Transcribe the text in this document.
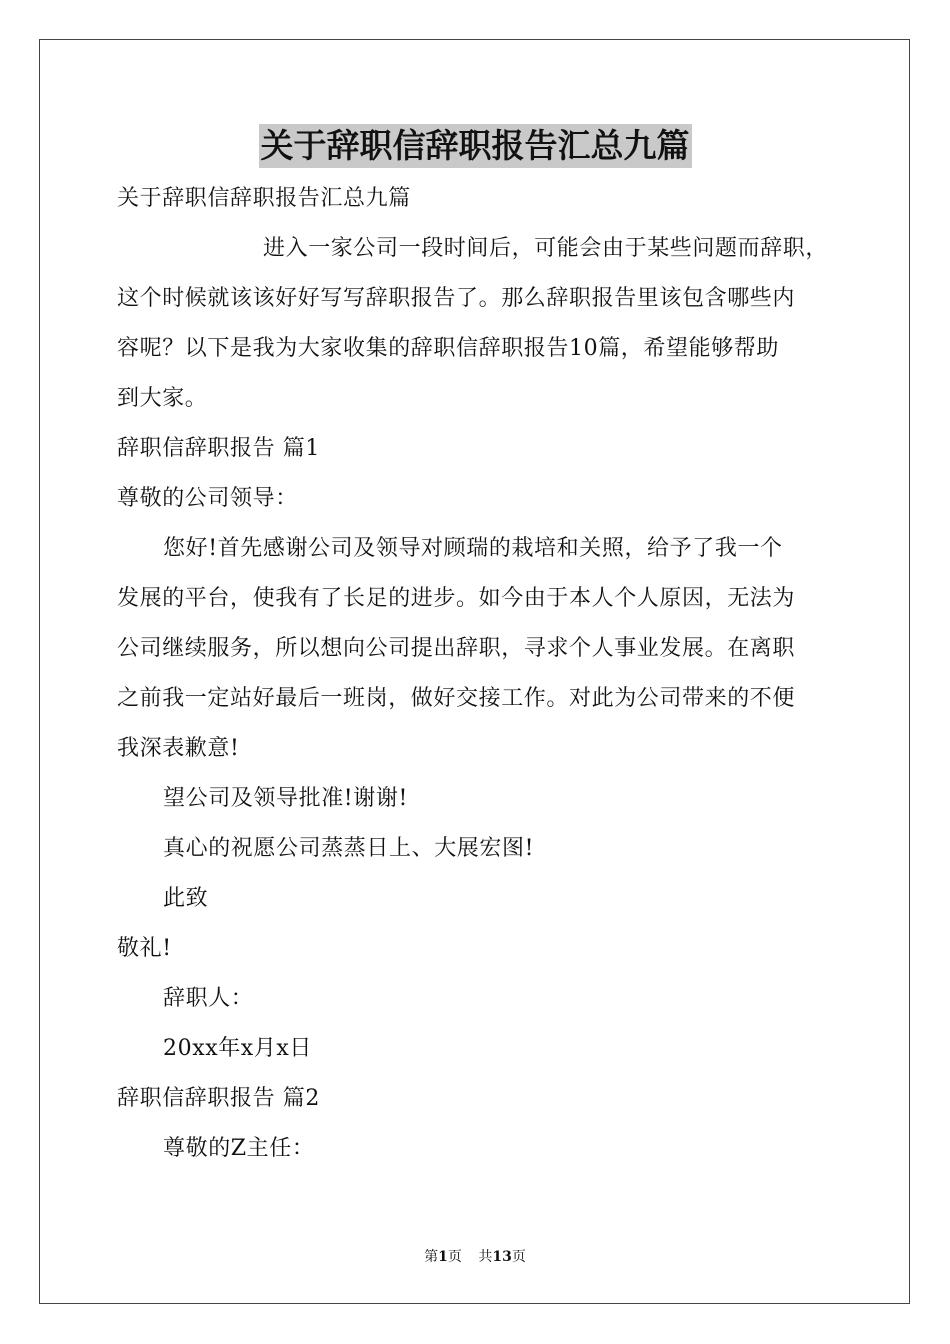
关于辞职信辞职报告汇总九篇
关于辞职信辞职报告汇总九篇
进入一家公司一段时间后，可能会由于某些问题而辞职，
这个时候就该该好好写写辞职报告了。那么辞职报告里该包含哪些内
容呢？以下是我为大家收集的辞职信辞职报告10篇，希望能够帮助
到大家。
辞职信辞职报告 篇1
尊敬的公司领导：
您好!首先感谢公司及领导对顾瑞的栽培和关照，给予了我一个
发展的平台，使我有了长足的进步。如今由于本人个人原因，无法为
公司继续服务，所以想向公司提出辞职，寻求个人事业发展。在离职
之前我一定站好最后一班岗，做好交接工作。对此为公司带来的不便
我深表歉意!
望公司及领导批准!谢谢!
真心的祝愿公司蒸蒸日上、大展宏图!
此致
敬礼!
辞职人：
20xx年x月x日
辞职信辞职报告 篇2
尊敬的Z主任：
第1页 共13页
